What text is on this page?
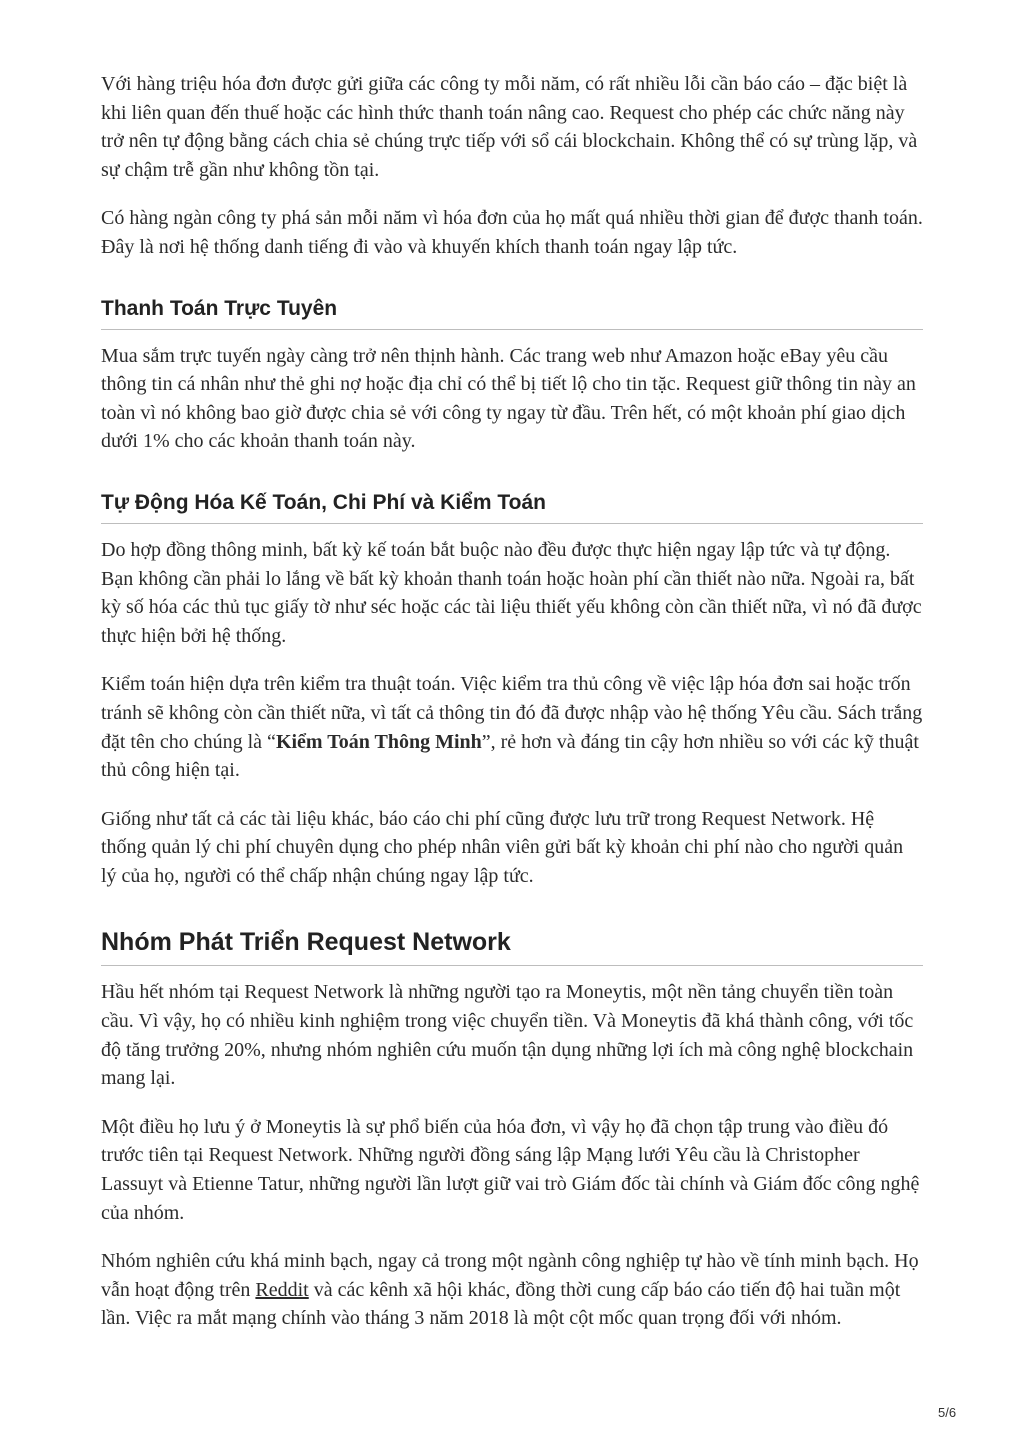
Với hàng triệu hóa đơn được gửi giữa các công ty mỗi năm, có rất nhiều lỗi cần báo cáo – đặc biệt là khi liên quan đến thuế hoặc các hình thức thanh toán nâng cao. Request cho phép các chức năng này trở nên tự động bằng cách chia sẻ chúng trực tiếp với sổ cái blockchain. Không thể có sự trùng lặp, và sự chậm trễ gần như không tồn tại.

Có hàng ngàn công ty phá sản mỗi năm vì hóa đơn của họ mất quá nhiều thời gian để được thanh toán. Đây là nơi hệ thống danh tiếng đi vào và khuyến khích thanh toán ngay lập tức.

Thanh Toán Trực Tuyên

Mua sắm trực tuyến ngày càng trở nên thịnh hành. Các trang web như Amazon hoặc eBay yêu cầu thông tin cá nhân như thẻ ghi nợ hoặc địa chỉ có thể bị tiết lộ cho tin tặc. Request giữ thông tin này an toàn vì nó không bao giờ được chia sẻ với công ty ngay từ đầu. Trên hết, có một khoản phí giao dịch dưới 1% cho các khoản thanh toán này.

Tự Động Hóa Kế Toán, Chi Phí và Kiểm Toán

Do hợp đồng thông minh, bất kỳ kế toán bắt buộc nào đều được thực hiện ngay lập tức và tự động. Bạn không cần phải lo lắng về bất kỳ khoản thanh toán hoặc hoàn phí cần thiết nào nữa. Ngoài ra, bất kỳ số hóa các thủ tục giấy tờ như séc hoặc các tài liệu thiết yếu không còn cần thiết nữa, vì nó đã được thực hiện bởi hệ thống.

Kiểm toán hiện dựa trên kiểm tra thuật toán. Việc kiểm tra thủ công về việc lập hóa đơn sai hoặc trốn tránh sẽ không còn cần thiết nữa, vì tất cả thông tin đó đã được nhập vào hệ thống Yêu cầu. Sách trắng đặt tên cho chúng là “Kiểm Toán Thông Minh”, rẻ hơn và đáng tin cậy hơn nhiều so với các kỹ thuật thủ công hiện tại.

Giống như tất cả các tài liệu khác, báo cáo chi phí cũng được lưu trữ trong Request Network. Hệ thống quản lý chi phí chuyên dụng cho phép nhân viên gửi bất kỳ khoản chi phí nào cho người quản lý của họ, người có thể chấp nhận chúng ngay lập tức.

Nhóm Phát Triển Request Network

Hầu hết nhóm tại Request Network là những người tạo ra Moneytis, một nền tảng chuyển tiền toàn cầu. Vì vậy, họ có nhiều kinh nghiệm trong việc chuyển tiền. Và Moneytis đã khá thành công, với tốc độ tăng trưởng 20%, nhưng nhóm nghiên cứu muốn tận dụng những lợi ích mà công nghệ blockchain mang lại.

Một điều họ lưu ý ở Moneytis là sự phổ biến của hóa đơn, vì vậy họ đã chọn tập trung vào điều đó trước tiên tại Request Network. Những người đồng sáng lập Mạng lưới Yêu cầu là Christopher Lassuyt và Etienne Tatur, những người lần lượt giữ vai trò Giám đốc tài chính và Giám đốc công nghệ của nhóm.

Nhóm nghiên cứu khá minh bạch, ngay cả trong một ngành công nghiệp tự hào về tính minh bạch. Họ vẫn hoạt động trên Reddit và các kênh xã hội khác, đồng thời cung cấp báo cáo tiến độ hai tuần một lần. Việc ra mắt mạng chính vào tháng 3 năm 2018 là một cột mốc quan trọng đối với nhóm.

5/6
